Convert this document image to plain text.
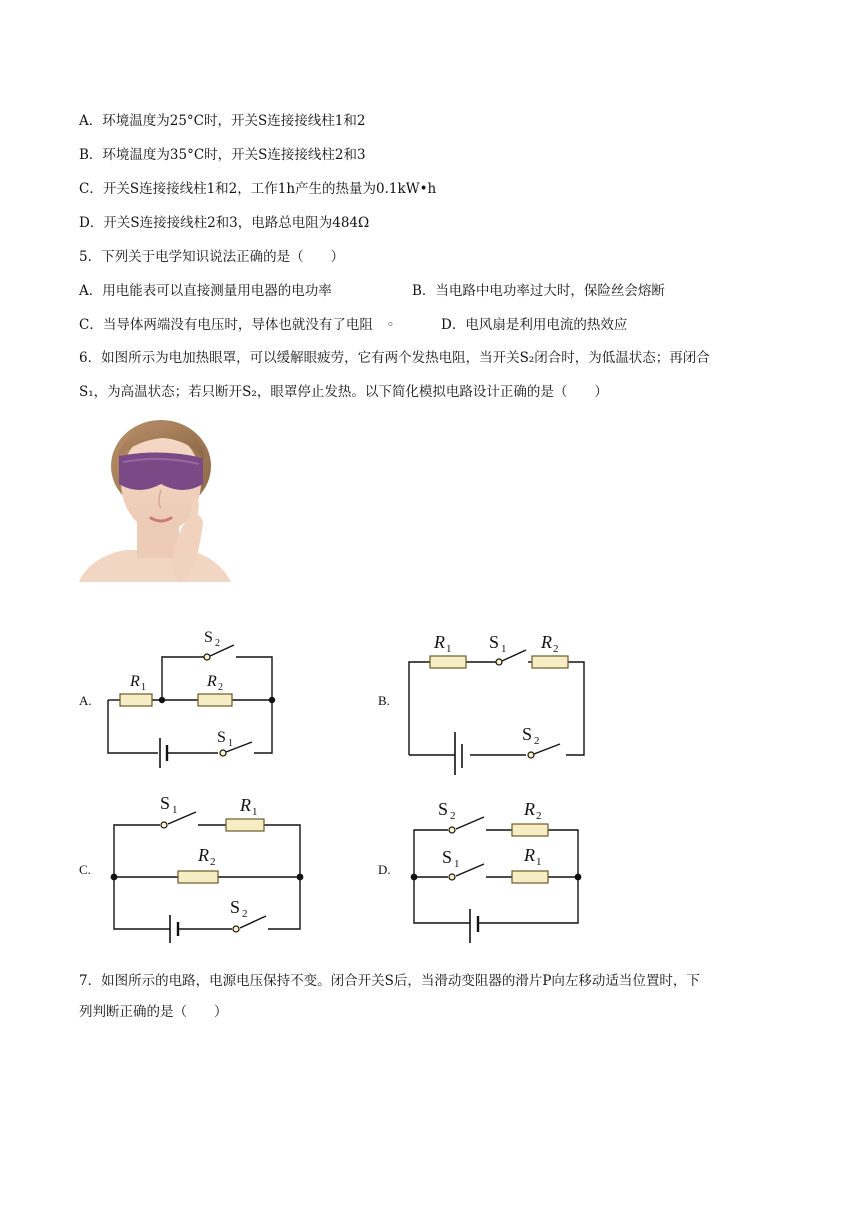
A．环境温度为25°C时，开关S连接接线柱1和2
B．环境温度为35°C时，开关S连接接线柱2和3
C．开关S连接接线柱1和2，工作1h产生的热量为0.1kW•h
D．开关S连接接线柱2和3，电路总电阻为484Ω
5．下列关于电学知识说法正确的是（　　）
A．用电能表可以直接测量用电器的电功率	B．当电路中电功率过大时，保险丝会熔断
C．当导体两端没有电压时，导体也就没有了电阻　◦	D．电风扇是利用电流的热效应
6．如图所示为电加热眼罩，可以缓解眼疲劳，它有两个发热电阻，当开关S₂闭合时，为低温状态；再闭合
S₁，为高温状态；若只断开S₂，眼罩停止发热。以下简化模拟电路设计正确的是（　　）
A.
S 2
R 1	R 2
S 1
B.
R 1 S 1 R 2
S 2
C.
S 1	R 1
R 2
S 2
D.
S 2	R 2
S 1	R 1
7．如图所示的电路，电源电压保持不变。闭合开关S后，当滑动变阻器的滑片P向左移动适当位置时，下
列判断正确的是（　　）
